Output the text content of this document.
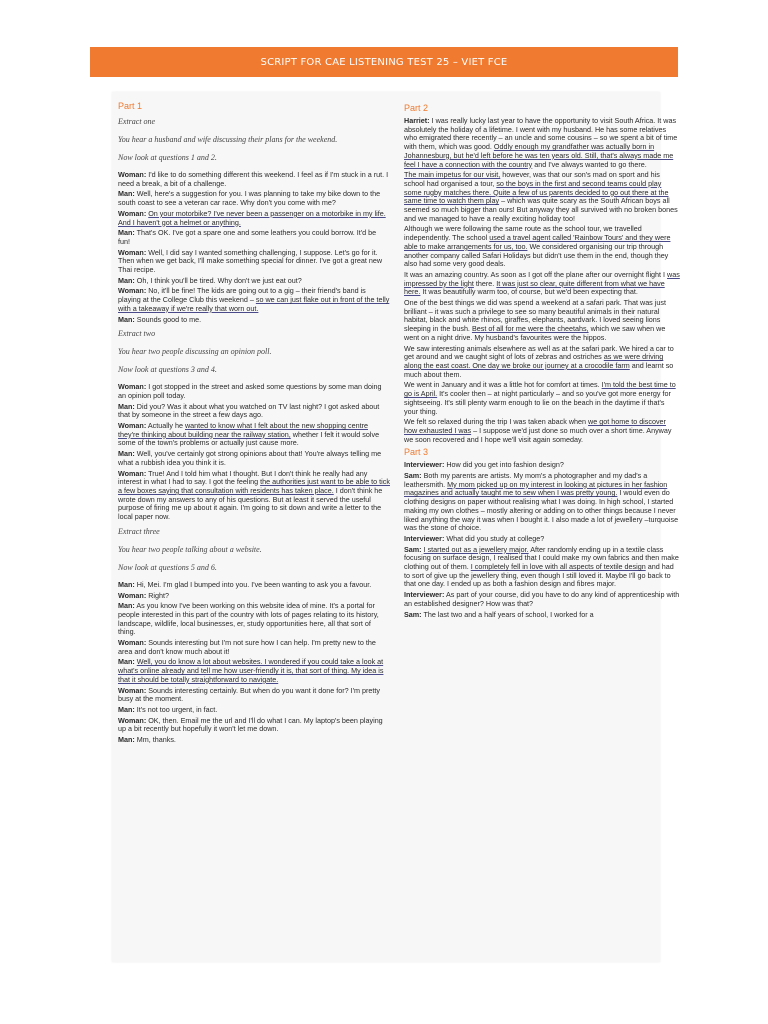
SCRIPT FOR CAE LISTENING TEST 25 – VIET FCE
Part 1
Extract one
You hear a husband and wife discussing their plans for the weekend.
Now look at questions 1 and 2.
Woman: I'd like to do something different this weekend. I feel as if I'm stuck in a rut. I need a break, a bit of a challenge.
Man: Well, here's a suggestion for you. I was planning to take my bike down to the south coast to see a veteran car race. Why don't you come with me?
Woman: On your motorbike? I've never been a passenger on a motorbike in my life. And I haven't got a helmet or anything.
Man: That's OK. I've got a spare one and some leathers you could borrow. It'd be fun!
Woman: Well, I did say I wanted something challenging, I suppose. Let's go for it. Then when we get back, I'll make something special for dinner. I've got a great new Thai recipe.
Man: Oh, I think you'll be tired. Why don't we just eat out?
Woman: No, it'll be fine! The kids are going out to a gig – their friend's band is playing at the College Club this weekend – so we can just flake out in front of the telly with a takeaway if we're really that worn out.
Man: Sounds good to me.
Extract two
You hear two people discussing an opinion poll.
Now look at questions 3 and 4.
Woman: I got stopped in the street and asked some questions by some man doing an opinion poll today.
Man: Did you? Was it about what you watched on TV last night? I got asked about that by someone in the street a few days ago.
Woman: Actually he wanted to know what I felt about the new shopping centre they're thinking about building near the railway station, whether I felt it would solve some of the town's problems or actually just cause more.
Man: Well, you've certainly got strong opinions about that! You're always telling me what a rubbish idea you think it is.
Woman: True! And I told him what I thought. But I don't think he really had any interest in what I had to say. I got the feeling the authorities just want to be able to tick a few boxes saying that consultation with residents has taken place. I don't think he wrote down my answers to any of his questions. But at least it served the useful purpose of firing me up about it again. I'm going to sit down and write a letter to the local paper now.
Extract three
You hear two people talking about a website.
Now look at questions 5 and 6.
Man: Hi, Mei. I'm glad I bumped into you. I've been wanting to ask you a favour.
Woman: Right?
Man: As you know I've been working on this website idea of mine. It's a portal for people interested in this part of the country with lots of pages relating to its history, landscape, wildlife, local businesses, er, study opportunities here, all that sort of thing.
Woman: Sounds interesting but I'm not sure how I can help. I'm pretty new to the area and don't know much about it!
Man: Well, you do know a lot about websites. I wondered if you could take a look at what's online already and tell me how user-friendly it is, that sort of thing. My idea is that it should be totally straightforward to navigate.
Woman: Sounds interesting certainly. But when do you want it done for? I'm pretty busy at the moment.
Man: It's not too urgent, in fact.
Woman: OK, then. Email me the url and I'll do what I can. My laptop's been playing up a bit recently but hopefully it won't let me down.
Man: Mm, thanks.
Part 2
Harriet: I was really lucky last year to have the opportunity to visit South Africa. It was absolutely the holiday of a lifetime. I went with my husband. He has some relatives who emigrated there recently – an uncle and some cousins – so we spent a bit of time with them, which was good. Oddly enough my grandfather was actually born in Johannesburg, but he'd left before he was ten years old. Still, that's always made me feel I have a connection with the country and I've always wanted to go there.
The main impetus for our visit, however, was that our son's mad on sport and his school had organised a tour, so the boys in the first and second teams could play some rugby matches there. Quite a few of us parents decided to go out there at the same time to watch them play – which was quite scary as the South African boys all seemed so much bigger than ours! But anyway they all survived with no broken bones and we managed to have a really exciting holiday too!
Although we were following the same route as the school tour, we travelled independently. The school used a travel agent called 'Rainbow Tours' and they were able to make arrangements for us, too. We considered organising our trip through another company called Safari Holidays but didn't use them in the end, though they also had some very good deals.
It was an amazing country. As soon as I got off the plane after our overnight flight I was impressed by the light there. It was just so clear, quite different from what we have here. It was beautifully warm too, of course, but we'd been expecting that.
One of the best things we did was spend a weekend at a safari park. That was just brilliant – it was such a privilege to see so many beautiful animals in their natural habitat, black and white rhinos, giraffes, elephants, aardvark. I loved seeing lions sleeping in the bush. Best of all for me were the cheetahs, which we saw when we went on a night drive. My husband's favourites were the hippos.
We saw interesting animals elsewhere as well as at the safari park. We hired a car to get around and we caught sight of lots of zebras and ostriches as we were driving along the east coast. One day we broke our journey at a crocodile farm and learnt so much about them.
We went in January and it was a little hot for comfort at times. I'm told the best time to go is April. It's cooler then – at night particularly – and so you've got more energy for sightseeing. It's still plenty warm enough to lie on the beach in the daytime if that's your thing.
We felt so relaxed during the trip I was taken aback when we got home to discover how exhausted I was – I suppose we'd just done so much over a short time. Anyway we soon recovered and I hope we'll visit again someday.
Part 3
Interviewer: How did you get into fashion design?
Sam: Both my parents are artists. My mom's a photographer and my dad's a leathersmith. My mom picked up on my interest in looking at pictures in her fashion magazines and actually taught me to sew when I was pretty young. I would even do clothing designs on paper without realising what I was doing. In high school, I started making my own clothes – mostly altering or adding on to other things because I never liked anything the way it was when I bought it. I also made a lot of jewellery –turquoise was the stone of choice.
Interviewer: What did you study at college?
Sam: I started out as a jewellery major. After randomly ending up in a textile class focusing on surface design, I realised that I could make my own fabrics and then make clothing out of them. I completely fell in love with all aspects of textile design and had to sort of give up the jewellery thing, even though I still loved it. Maybe I'll go back to that one day. I ended up as both a fashion design and fibres major.
Interviewer: As part of your course, did you have to do any kind of apprenticeship with an established designer? How was that?
Sam: The last two and a half years of school, I worked for a
